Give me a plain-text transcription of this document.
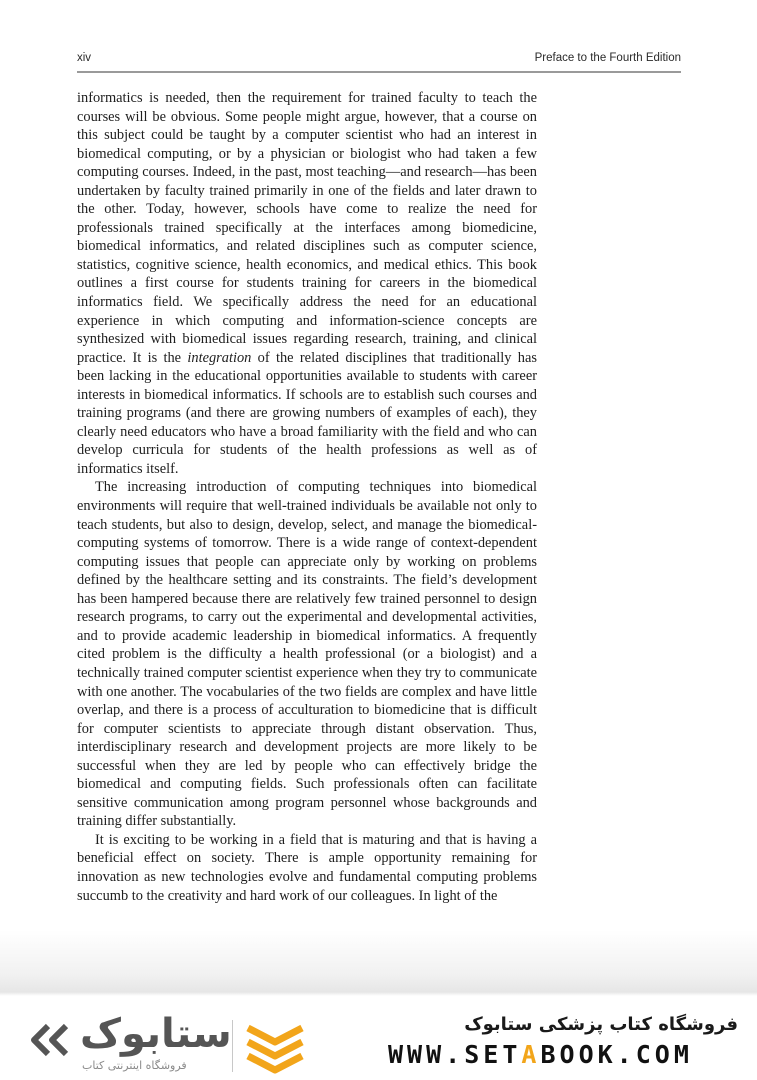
xiv	Preface to the Fourth Edition

informatics is needed, then the requirement for trained faculty to teach the courses will be obvious. Some people might argue, however, that a course on this subject could be taught by a computer scientist who had an interest in biomedical computing, or by a physician or biologist who had taken a few computing courses. Indeed, in the past, most teaching—and research—has been undertaken by faculty trained primarily in one of the fields and later drawn to the other. Today, however, schools have come to realize the need for professionals trained specifically at the interfaces among biomedicine, biomedical informatics, and related disciplines such as computer science, statistics, cognitive science, health economics, and medical ethics. This book outlines a first course for students training for careers in the biomedical informatics field. We specifically address the need for an educational experience in which computing and information-science concepts are synthesized with biomedical issues regarding research, training, and clinical practice. It is the integration of the related disciplines that traditionally has been lacking in the educational opportunities available to students with career interests in biomedical informatics. If schools are to establish such courses and training programs (and there are growing numbers of examples of each), they clearly need educators who have a broad familiarity with the field and who can develop curricula for students of the health professions as well as of informatics itself.

The increasing introduction of computing techniques into biomedical environments will require that well-trained individuals be available not only to teach students, but also to design, develop, select, and manage the biomedical-computing systems of tomorrow. There is a wide range of context-dependent computing issues that people can appreciate only by working on problems defined by the healthcare setting and its constraints. The field’s development has been hampered because there are relatively few trained personnel to design research programs, to carry out the experimental and developmental activities, and to provide academic leadership in biomedical informatics. A frequently cited problem is the difficulty a health professional (or a biologist) and a technically trained computer scientist experience when they try to communicate with one another. The vocabularies of the two fields are complex and have little overlap, and there is a process of acculturation to biomedicine that is difficult for computer scientists to appreciate through distant observation. Thus, interdisciplinary research and development projects are more likely to be successful when they are led by people who can effectively bridge the biomedical and computing fields. Such professionals often can facilitate sensitive communication among program personnel whose backgrounds and training differ substantially.

It is exciting to be working in a field that is maturing and that is having a beneficial effect on society. There is ample opportunity remaining for innovation as new technologies evolve and fundamental computing problems succumb to the creativity and hard work of our colleagues. In light of the

ستابوک
فروشگاه اینترنتی کتاب
فروشگاه کتاب پزشکی ستابوک
WWW.SETABOOK.COM
